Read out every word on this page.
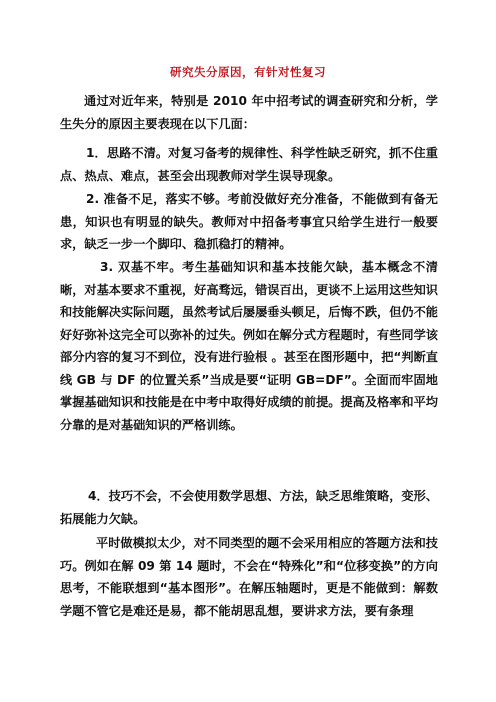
研究失分原因，有针对性复习

通过对近年来，特别是 2010 年中招考试的调查研究和分析，学生失分的原因主要表现在以下几面：

1．思路不清。对复习备考的规律性、科学性缺乏研究，抓不住重点、热点、难点，甚至会出现教师对学生误导现象。

2. 准备不足，落实不够。考前没做好充分准备，不能做到有备无患，知识也有明显的缺失。教师对中招备考事宜只给学生进行一般要求，缺乏一步一个脚印、稳抓稳打的精神。

3. 双基不牢。考生基础知识和基本技能欠缺，基本概念不清晰，对基本要求不重视，好高骛远，错误百出，更谈不上运用这些知识和技能解决实际问题，虽然考试后屡屡垂头顿足，后悔不跌，但仍不能好好弥补这完全可以弥补的过失。例如在解分式方程题时，有些同学该部分内容的复习不到位，没有进行验根 。甚至在图形题中，把“判断直线 GB 与 DF 的位置关系”当成是要“证明 GB=DF”。全面而牢固地掌握基础知识和技能是在中考中取得好成绩的前提。提高及格率和平均分靠的是对基础知识的严格训练。

4．技巧不会，不会使用数学思想、方法，缺乏思维策略，变形、拓展能力欠缺。

平时做模拟太少，对不同类型的题不会采用相应的答题方法和技巧。例如在解 09 第 14 题时，不会在“特殊化”和“位移变换”的方向思考，不能联想到“基本图形”。在解压轴题时，更是不能做到：解数学题不管它是难还是易，都不能胡思乱想，要讲求方法，要有条理
